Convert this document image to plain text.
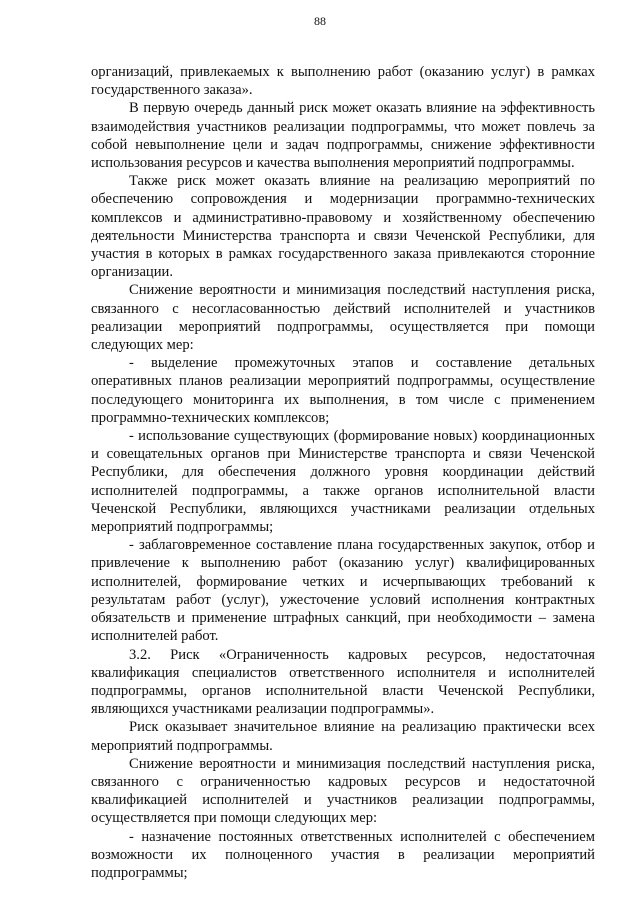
88

организаций, привлекаемых к выполнению работ (оказанию услуг) в рамках государственного заказа».

В первую очередь данный риск может оказать влияние на эффективность взаимодействия участников реализации подпрограммы, что может повлечь за собой невыполнение цели и задач подпрограммы, снижение эффективности использования ресурсов и качества выполнения мероприятий подпрограммы.

Также риск может оказать влияние на реализацию мероприятий по обеспечению сопровождения и модернизации программно-технических комплексов и административно-правовому и хозяйственному обеспечению деятельности Министерства транспорта и связи Чеченской Республики, для участия в которых в рамках государственного заказа привлекаются сторонние организации.

Снижение вероятности и минимизация последствий наступления риска, связанного с несогласованностью действий исполнителей и участников реализации мероприятий подпрограммы, осуществляется при помощи следующих мер:

- выделение промежуточных этапов и составление детальных оперативных планов реализации мероприятий подпрограммы, осуществление последующего мониторинга их выполнения, в том числе с применением программно-технических комплексов;

- использование существующих (формирование новых) координационных и совещательных органов при Министерстве транспорта и связи Чеченской Республики, для обеспечения должного уровня координации действий исполнителей подпрограммы, а также органов исполнительной власти Чеченской Республики, являющихся участниками реализации отдельных мероприятий подпрограммы;

- заблаговременное составление плана государственных закупок, отбор и привлечение к выполнению работ (оказанию услуг) квалифицированных исполнителей, формирование четких и исчерпывающих требований к результатам работ (услуг), ужесточение условий исполнения контрактных обязательств и применение штрафных санкций, при необходимости – замена исполнителей работ.

3.2. Риск «Ограниченность кадровых ресурсов, недостаточная квалификация специалистов ответственного исполнителя и исполнителей подпрограммы, органов исполнительной власти Чеченской Республики, являющихся участниками реализации подпрограммы».

Риск оказывает значительное влияние на реализацию практически всех мероприятий подпрограммы.

Снижение вероятности и минимизация последствий наступления риска, связанного с ограниченностью кадровых ресурсов и недостаточной квалификацией исполнителей и участников реализации подпрограммы, осуществляется при помощи следующих мер:

- назначение постоянных ответственных исполнителей с обеспечением возможности их полноценного участия в реализации мероприятий подпрограммы;
